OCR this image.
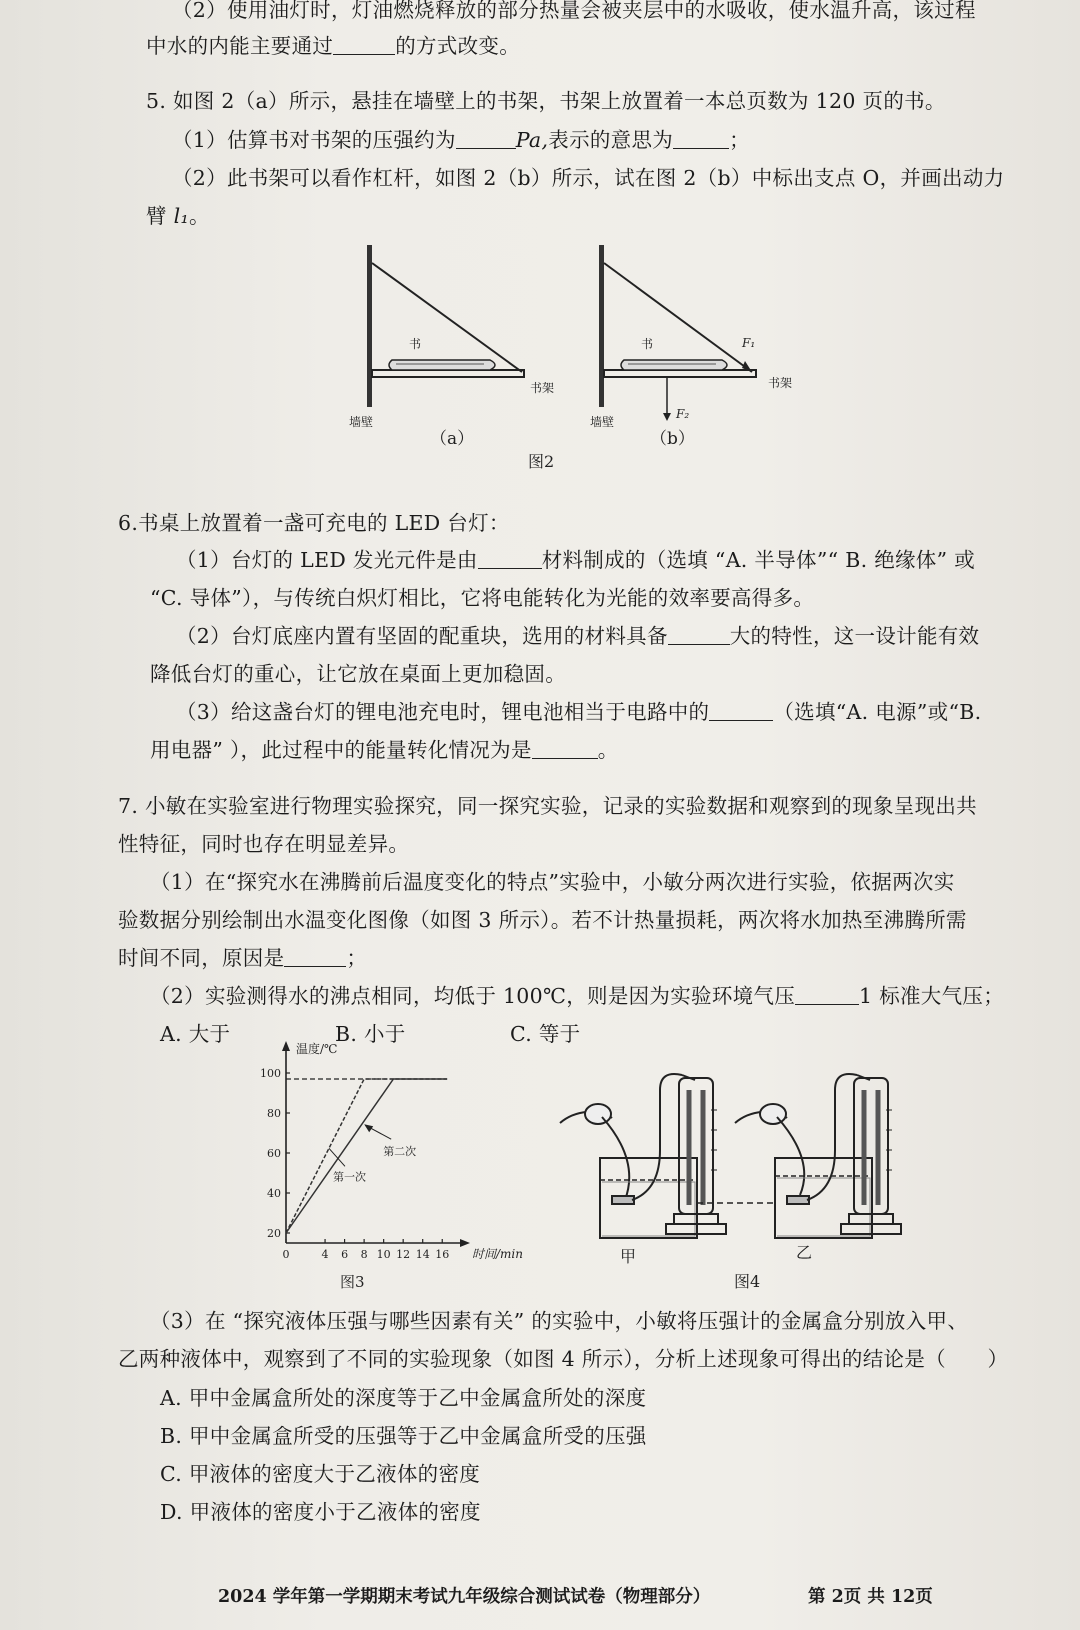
（2）使用油灯时，灯油燃烧释放的部分热量会被夹层中的水吸收，使水温升高，该过程
中水的内能主要通过	的方式改变。
5. 如图 2（a）所示，悬挂在墙壁上的书架，书架上放置着一本总页数为 120 页的书。
（1）估算书对书架的压强约为	Pa,表示的意思为	；
（2）此书架可以看作杠杆，如图 2（b）所示，试在图 2（b）中标出支点 O，并画出动力
臂 l₁。
书
书架
墙壁
（a）
书	F₁
F₂
书架
墙壁
（b）
图2
6.书桌上放置着一盏可充电的 LED 台灯：
（1）台灯的 LED 发光元件是由	材料制成的（选填 “A. 半导体”“ B. 绝缘体” 或
“C. 导体”），与传统白炽灯相比，它将电能转化为光能的效率要高得多。
（2）台灯底座内置有坚固的配重块，选用的材料具备	大的特性，这一设计能有效
降低台灯的重心，让它放在桌面上更加稳固。
（3）给这盏台灯的锂电池充电时，锂电池相当于电路中的	（选填“A. 电源”或“B.
用电器” ），此过程中的能量转化情况为是	。
7. 小敏在实验室进行物理实验探究，同一探究实验，记录的实验数据和观察到的现象呈现出共
性特征，同时也存在明显差异。
（1）在“探究水在沸腾前后温度变化的特点”实验中，小敏分两次进行实验，依据两次实
验数据分别绘制出水温变化图像（如图 3 所示）。若不计热量损耗，两次将水加热至沸腾所需
时间不同，原因是	；
（2）实验测得水的沸点相同，均低于 100℃，则是因为实验环境气压	1 标准大气压；
A. 大于	B. 小于	C. 等于
20
40
60
80
100
0	4 6 8 10 12 14 16
温度/℃
时间/min
第一次
第二次
图3
甲	乙
图4
（3）在 “探究液体压强与哪些因素有关” 的实验中，小敏将压强计的金属盒分别放入甲、
乙两种液体中，观察到了不同的实验现象（如图 4 所示），分析上述现象可得出的结论是（　　）
A. 甲中金属盒所处的深度等于乙中金属盒所处的深度
B. 甲中金属盒所受的压强等于乙中金属盒所受的压强
C. 甲液体的密度大于乙液体的密度
D. 甲液体的密度小于乙液体的密度
2024 学年第一学期期末考试九年级综合测试试卷（物理部分）	第 2页 共 12页
